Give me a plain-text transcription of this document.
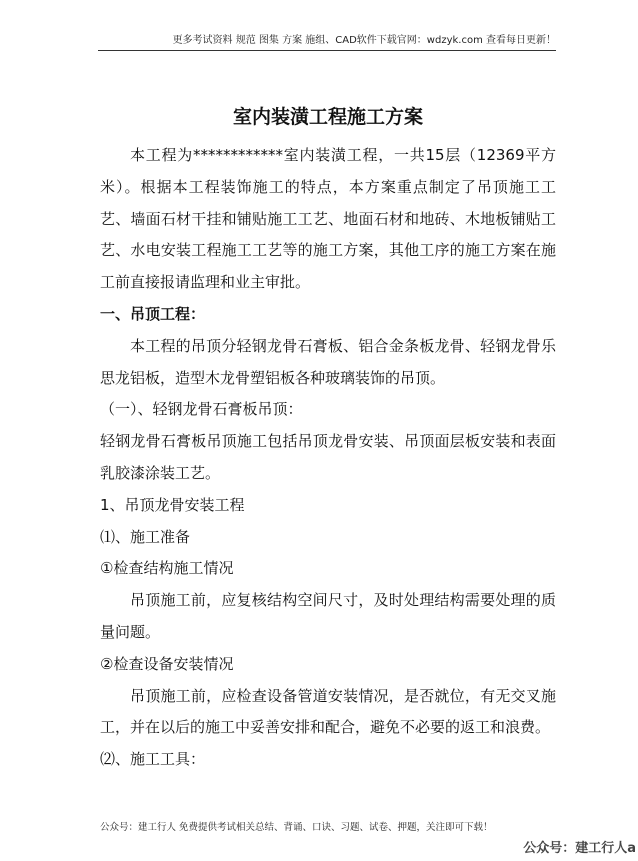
更多考试资料 规范 图集 方案 施组、CAD软件下载官网：wdzyk.com 查看每日更新！
室内装潢工程施工方案

本工程为************室内装潢工程，一共15层（12369平方米）。根据本工程装饰施工的特点，本方案重点制定了吊顶施工工艺、墙面石材干挂和铺贴施工工艺、地面石材和地砖、木地板铺贴工艺、水电安装工程施工工艺等的施工方案，其他工序的施工方案在施工前直接报请监理和业主审批。

一、吊顶工程：

本工程的吊顶分轻钢龙骨石膏板、铝合金条板龙骨、轻钢龙骨乐思龙铝板，造型木龙骨塑铝板各种玻璃装饰的吊顶。

（一）、轻钢龙骨石膏板吊顶：

轻钢龙骨石膏板吊顶施工包括吊顶龙骨安装、吊顶面层板安装和表面乳胶漆涂装工艺。

1、吊顶龙骨安装工程

⑴、施工准备

①检查结构施工情况

吊顶施工前，应复核结构空间尺寸，及时处理结构需要处理的质量问题。

②检查设备安装情况

吊顶施工前，应检查设备管道安装情况，是否就位，有无交叉施工，并在以后的施工中妥善安排和配合，避免不必要的返工和浪费。

⑵、施工工具：

公众号：建工行人 免费提供考试相关总结、背诵、口诀、习题、试卷、押题，关注即可下载！
公众号：建工行人a
